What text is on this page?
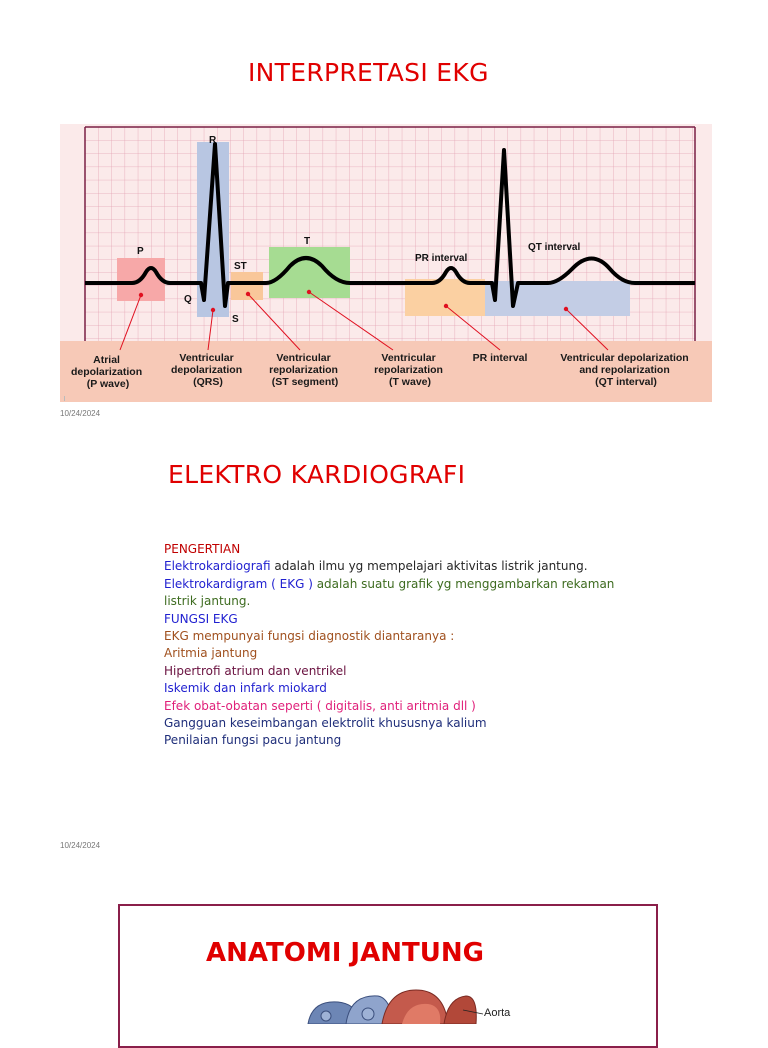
INTERPRETASI EKG
P
Q
R
S
ST
T
PR interval
QT interval
Atrial depolarization (P wave)
Ventricular depolarization (QRS)
Ventricular repolarization (ST segment)
Ventricular repolarization (T wave)
PR interval	Ventricular depolarization and repolarization (QT interval)
10/24/2024
ELEKTRO KARDIOGRAFI
PENGERTIAN
Elektrokardiografi adalah ilmu yg mempelajari aktivitas listrik jantung.
Elektrokardigram ( EKG ) adalah suatu grafik yg menggambarkan rekaman
listrik jantung.
FUNGSI EKG
EKG mempunyai fungsi diagnostik diantaranya :
Aritmia jantung
Hipertrofi atrium dan ventrikel
Iskemik dan infark miokard
Efek obat-obatan seperti ( digitalis, anti aritmia dll )
Gangguan keseimbangan elektrolit khususnya kalium
Penilaian fungsi pacu jantung
10/24/2024
ANATOMI JANTUNG
Aorta
